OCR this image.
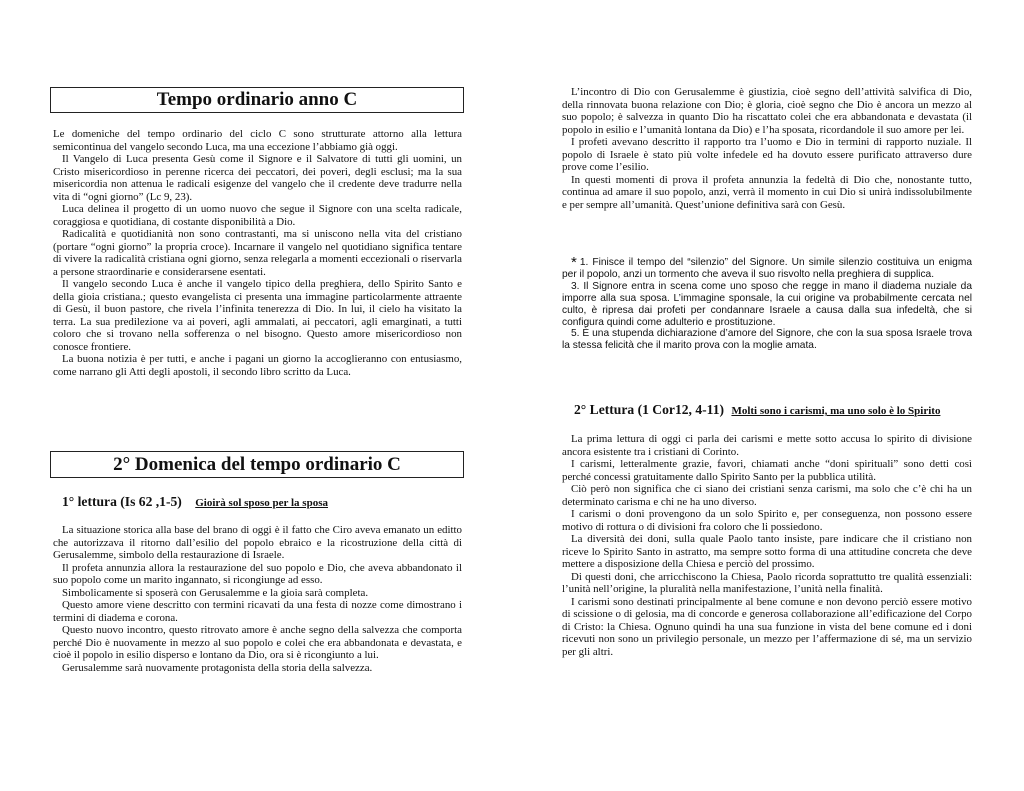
Tempo ordinario anno C

Le domeniche del tempo ordinario del ciclo C sono strutturate attorno alla lettura semicontinua del vangelo secondo Luca, ma una eccezione l’abbiamo già oggi.

Il Vangelo di Luca presenta Gesù come il Signore e il Salvatore di tutti gli uomini, un Cristo misericordioso in perenne ricerca dei peccatori, dei poveri, degli esclusi; ma la sua misericordia non attenua le radicali esigenze del vangelo che il credente deve tradurre nella vita di “ogni giorno” (Lc 9, 23).

Luca delinea il progetto di un uomo nuovo che segue il Signore con una scelta radicale, coraggiosa e quotidiana, di costante disponibilità a Dio.

Radicalità e quotidianità non sono contrastanti, ma si uniscono nella vita del cristiano (portare “ogni giorno” la propria croce). Incarnare il vangelo nel quotidiano significa tentare di vivere la radicalità cristiana ogni giorno, senza relegarla a momenti eccezionali o riservarla a persone straordinarie e considerarsene esentati.

Il vangelo secondo Luca è anche il vangelo tipico della preghiera, dello Spirito Santo e della gioia cristiana.; questo evangelista ci presenta una immagine particolarmente attraente di Gesù, il buon pastore, che rivela l’infinita tenerezza di Dio. In lui, il cielo ha visitato la terra. La sua predilezione va ai poveri, agli ammalati, ai peccatori, agli emarginati, a tutti coloro che si trovano nella sofferenza o nel bisogno. Questo amore misericordioso non conosce frontiere.

La buona notizia è per tutti, e anche i pagani un giorno la accoglieranno con entusiasmo, come narrano gli Atti degli apostoli, il secondo libro scritto da Luca.

2° Domenica del tempo ordinario C
1° lettura (Is 62 ,1-5) Gioirà sol sposo per la sposa

La situazione storica alla base del brano di oggi è il fatto che Ciro aveva emanato un editto che autorizzava il ritorno dall’esilio del popolo ebraico e la ricostruzione della città di Gerusalemme, simbolo della restaurazione di Israele.

Il profeta annunzia allora la restaurazione del suo popolo e Dio, che aveva abbandonato il suo popolo come un marito ingannato, si ricongiunge ad esso.

Simbolicamente si sposerà con Gerusalemme e la gioia sarà completa.

Questo amore viene descritto con termini ricavati da una festa di nozze come dimostrano i termini di diadema e corona.

Questo nuovo incontro, questo ritrovato amore è anche segno della salvezza che comporta perché Dio è nuovamente in mezzo al suo popolo e colei che era abbandonata e devastata, e cioè il popolo in esilio disperso e lontano da Dio, ora si è ricongiunto a lui.

Gerusalemme sarà nuovamente protagonista della storia della salvezza.

L’incontro di Dio con Gerusalemme è giustizia, cioè segno dell’attività salvifica di Dio, della rinnovata buona relazione con Dio; è gloria, cioè segno che Dio è ancora un mezzo al suo popolo; è salvezza in quanto Dio ha riscattato colei che era abbandonata e devastata (il popolo in esilio e l’umanità lontana da Dio) e l’ha sposata, ricordandole il suo amore per lei.

I profeti avevano descritto il rapporto tra l’uomo e Dio in termini di rapporto nuziale. Il popolo di Israele è stato più volte infedele ed ha dovuto essere purificato attraverso dure prove come l’esilio.

In questi momenti di prova il profeta annunzia la fedeltà di Dio che, nonostante tutto, continua ad amare il suo popolo, anzi, verrà il momento in cui Dio si unirà indissolubilmente e per sempre all’umanità. Quest’unione definitiva sarà con Gesù.

* 1. Finisce il tempo del “silenzio” del Signore. Un simile silenzio costituiva un enigma per il popolo, anzi un tormento che aveva il suo risvolto nella preghiera di supplica.

3. Il Signore entra in scena come uno sposo che regge in mano il diadema nuziale da imporre alla sua sposa. L’immagine sponsale, la cui origine va probabilmente cercata nel culto, è ripresa dai profeti per condannare Israele a causa dalla sua infedeltà, che si configura quindi come adulterio e prostituzione.

5. È una stupenda dichiarazione d’amore del Signore, che con la sua sposa Israele trova la stessa felicità che il marito prova con la moglie amata.

2° Lettura (1 Cor12, 4-11) Molti sono i carismi, ma uno solo è lo Spirito

La prima lettura di oggi ci parla dei carismi e mette sotto accusa lo spirito di divisione ancora esistente tra i cristiani di Corinto.

I carismi, letteralmente grazie, favori, chiamati anche “doni spirituali” sono detti così perché concessi gratuitamente dallo Spirito Santo per la pubblica utilità.

Ciò però non significa che ci siano dei cristiani senza carismi, ma solo che c’è chi ha un determinato carisma e chi ne ha uno diverso.

I carismi o doni provengono da un solo Spirito e, per conseguenza, non possono essere motivo di rottura o di divisioni fra coloro che li possiedono.

La diversità dei doni, sulla quale Paolo tanto insiste, pare indicare che il cristiano non riceve lo Spirito Santo in astratto, ma sempre sotto forma di una attitudine concreta che deve mettere a disposizione della Chiesa e perciò del prossimo.

Di questi doni, che arricchiscono la Chiesa, Paolo ricorda soprattutto tre qualità essenziali: l’unità nell’origine, la pluralità nella manifestazione, l’unità nella finalità.

I carismi sono destinati principalmente al bene comune e non devono perciò essere motivo di scissione o di gelosia, ma di concorde e generosa collaborazione all’edificazione del Corpo di Cristo: la Chiesa. Ognuno quindi ha una sua funzione in vista del bene comune ed i doni ricevuti non sono un privilegio personale, un mezzo per l’affermazione di sé, ma un servizio per gli altri.
